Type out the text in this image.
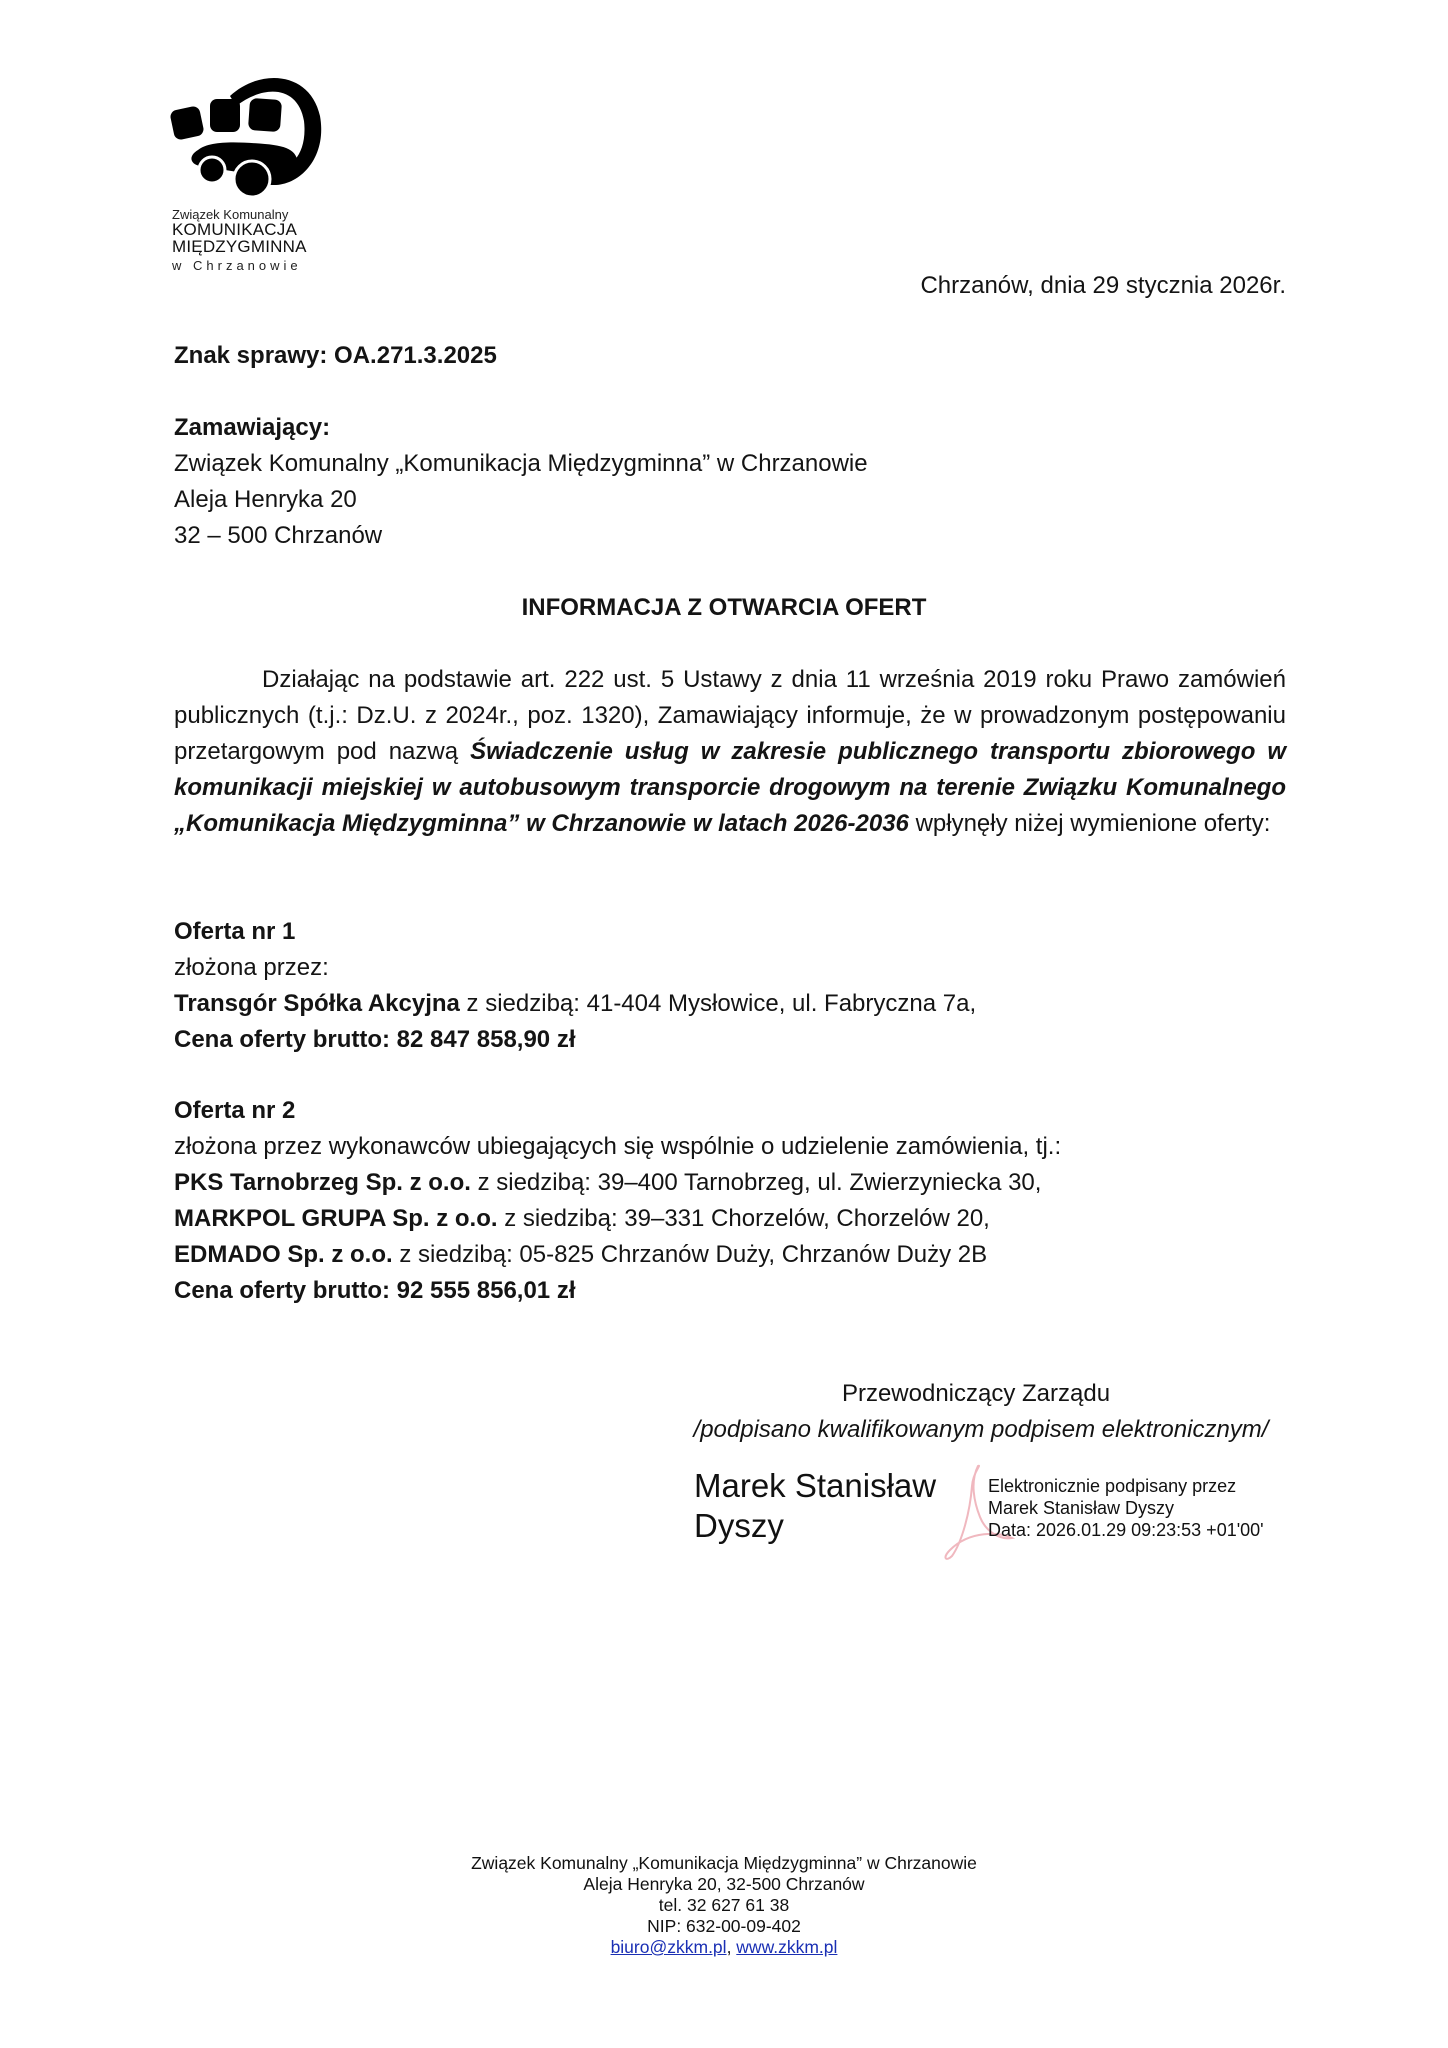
Związek Komunalny
KOMUNIKACJA
MIĘDZYGMINNA
w Chrzanowie
Chrzanów, dnia 29 stycznia 2026r.
Znak sprawy: OA.271.3.2025
Zamawiający:
Związek Komunalny „Komunikacja Międzygminna” w Chrzanowie
Aleja Henryka 20
32 – 500 Chrzanów
INFORMACJA Z OTWARCIA OFERT
Działając na podstawie art. 222 ust. 5 Ustawy z dnia 11 września 2019 roku Prawo zamówień publicznych (t.j.: Dz.U. z 2024r., poz. 1320), Zamawiający informuje, że w prowadzonym postępowaniu przetargowym pod nazwą Świadczenie usług w zakresie publicznego transportu zbiorowego w komunikacji miejskiej w autobusowym transporcie drogowym na terenie Związku Komunalnego „Komunikacja Międzygminna” w Chrzanowie w latach 2026-2036 wpłynęły niżej wymienione oferty:
Oferta nr 1
złożona przez:
Transgór Spółka Akcyjna z siedzibą: 41-404 Mysłowice, ul. Fabryczna 7a,
Cena oferty brutto: 82 847 858,90 zł
Oferta nr 2
złożona przez wykonawców ubiegających się wspólnie o udzielenie zamówienia, tj.:
PKS Tarnobrzeg Sp. z o.o. z siedzibą: 39–400 Tarnobrzeg, ul. Zwierzyniecka 30,
MARKPOL GRUPA Sp. z o.o. z siedzibą: 39–331 Chorzelów, Chorzelów 20,
EDMADO Sp. z o.o. z siedzibą: 05-825 Chrzanów Duży, Chrzanów Duży 2B
Cena oferty brutto: 92 555 856,01 zł
Przewodniczący Zarządu
/podpisano kwalifikowanym podpisem elektronicznym/
Marek Stanisław
Dyszy
Elektronicznie podpisany przez
Marek Stanisław Dyszy
Data: 2026.01.29 09:23:53 +01'00'
Związek Komunalny „Komunikacja Międzygminna” w Chrzanowie
Aleja Henryka 20, 32-500 Chrzanów
tel. 32 627 61 38
NIP: 632-00-09-402
biuro@zkkm.pl, www.zkkm.pl
